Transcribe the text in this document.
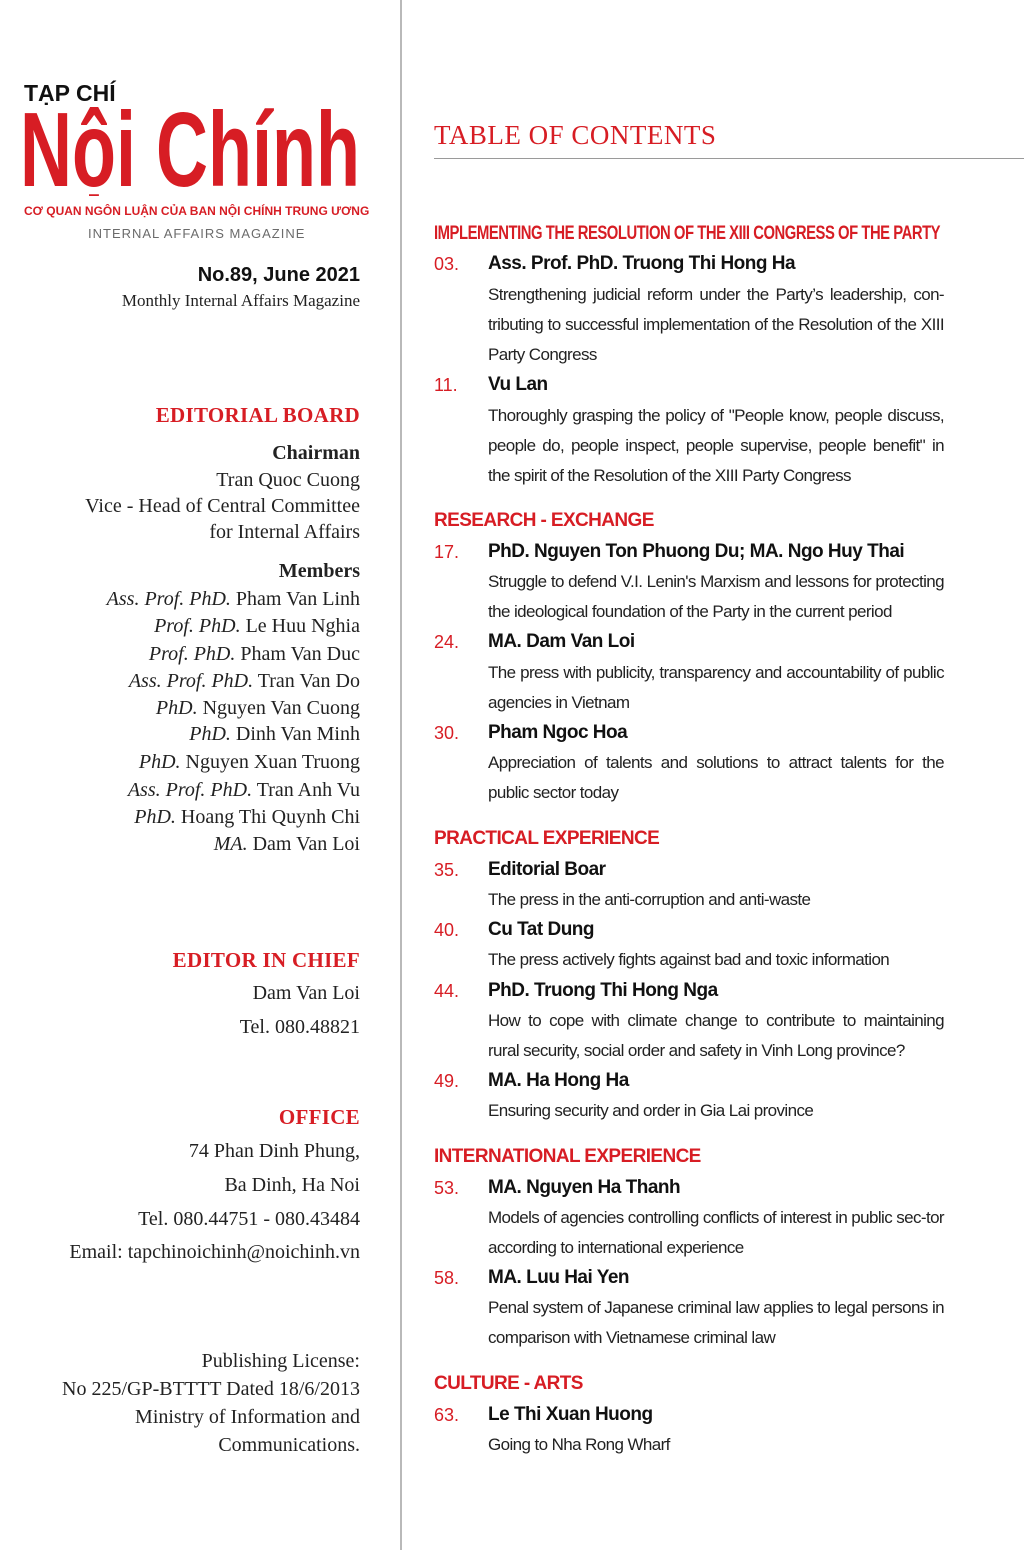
TẠP CHÍ
Nội Chính
CƠ QUAN NGÔN LUẬN CỦA BAN NỘI CHÍNH TRUNG ƯƠNG
INTERNAL AFFAIRS MAGAZINE
No.89, June 2021
Monthly Internal Affairs Magazine
EDITORIAL BOARD
Chairman
Tran Quoc Cuong
Vice - Head of Central Committee
for Internal Affairs
Members
Ass. Prof. PhD. Pham Van Linh
Prof. PhD. Le Huu Nghia
Prof. PhD. Pham Van Duc
Ass. Prof. PhD. Tran Van Do
PhD. Nguyen Van Cuong
PhD. Dinh Van Minh
PhD. Nguyen Xuan Truong
Ass. Prof. PhD. Tran Anh Vu
PhD. Hoang Thi Quynh Chi
MA. Dam Van Loi
EDITOR IN CHIEF
Dam Van Loi
Tel. 080.48821
OFFICE
74 Phan Dinh Phung,
Ba Dinh, Ha Noi
Tel. 080.44751 - 080.43484
Email: tapchinoichinh@noichinh.vn
Publishing License:
No 225/GP-BTTTT Dated 18/6/2013
Ministry of Information and
Communications.
TABLE OF CONTENTS
IMPLEMENTING THE RESOLUTION OF THE XIII CONGRESS OF THE PARTY
03. Ass. Prof. PhD. Truong Thi Hong Ha
Strengthening judicial reform under the Party’s leadership, con-tributing to successful implementation of the Resolution of the XIII Party Congress
11. Vu Lan
Thoroughly grasping the policy of "People know, people discuss, people do, people inspect, people supervise, people benefit" in the spirit of the Resolution of the XIII Party Congress
RESEARCH - EXCHANGE
17. PhD. Nguyen Ton Phuong Du; MA. Ngo Huy Thai
Struggle to defend V.I. Lenin's Marxism and lessons for protecting the ideological foundation of the Party in the current period
24. MA. Dam Van Loi
The press with publicity, transparency and accountability of public agencies in Vietnam
30. Pham Ngoc Hoa
Appreciation of talents and solutions to attract talents for the public sector today
PRACTICAL EXPERIENCE
35. Editorial Boar
The press in the anti-corruption and anti-waste
40. Cu Tat Dung
The press actively fights against bad and toxic information
44. PhD. Truong Thi Hong Nga
How to cope with climate change to contribute to maintaining rural security, social order and safety in Vinh Long province?
49. MA. Ha Hong Ha
Ensuring security and order in Gia Lai province
INTERNATIONAL EXPERIENCE
53. MA. Nguyen Ha Thanh
Models of agencies controlling conflicts of interest in public sec-tor according to international experience
58. MA. Luu Hai Yen
Penal system of Japanese criminal law applies to legal persons in comparison with Vietnamese criminal law
CULTURE - ARTS
63. Le Thi Xuan Huong
Going to Nha Rong Wharf
